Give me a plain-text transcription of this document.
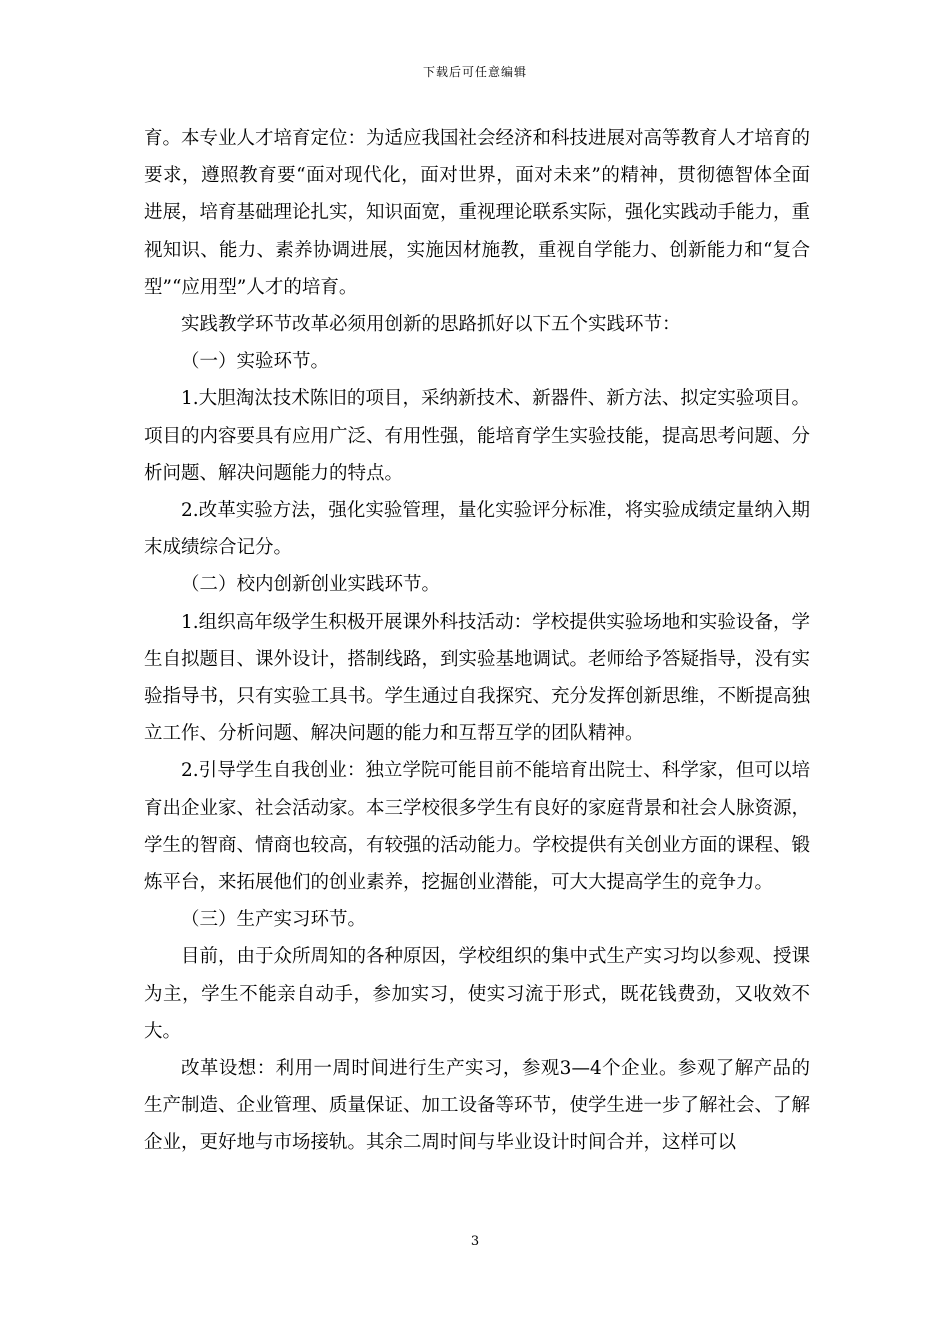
下载后可任意编辑

育。本专业人才培育定位：为适应我国社会经济和科技进展对高等教育人才培育的要求，遵照教育要“面对现代化，面对世界，面对未来”的精神，贯彻德智体全面进展，培育基础理论扎实，知识面宽，重视理论联系实际，强化实践动手能力，重视知识、能力、素养协调进展，实施因材施教，重视自学能力、创新能力和“复合型”“应用型”人才的培育。

实践教学环节改革必须用创新的思路抓好以下五个实践环节：

（一）实验环节。

1.大胆淘汰技术陈旧的项目，采纳新技术、新器件、新方法、拟定实验项目。项目的内容要具有应用广泛、有用性强，能培育学生实验技能，提高思考问题、分析问题、解决问题能力的特点。

2.改革实验方法，强化实验管理，量化实验评分标准，将实验成绩定量纳入期末成绩综合记分。

（二）校内创新创业实践环节。

1.组织高年级学生积极开展课外科技活动：学校提供实验场地和实验设备，学生自拟题目、课外设计，搭制线路，到实验基地调试。老师给予答疑指导，没有实验指导书，只有实验工具书。学生通过自我探究、充分发挥创新思维，不断提高独立工作、分析问题、解决问题的能力和互帮互学的团队精神。

2.引导学生自我创业：独立学院可能目前不能培育出院士、科学家，但可以培育出企业家、社会活动家。本三学校很多学生有良好的家庭背景和社会人脉资源，学生的智商、情商也较高，有较强的活动能力。学校提供有关创业方面的课程、锻炼平台，来拓展他们的创业素养，挖掘创业潜能，可大大提高学生的竞争力。

（三）生产实习环节。

目前，由于众所周知的各种原因，学校组织的集中式生产实习均以参观、授课为主，学生不能亲自动手，参加实习，使实习流于形式，既花钱费劲，又收效不大。

改革设想：利用一周时间进行生产实习，参观3—4个企业。参观了解产品的生产制造、企业管理、质量保证、加工设备等环节，使学生进一步了解社会、了解企业，更好地与市场接轨。其余二周时间与毕业设计时间合并，这样可以

3
